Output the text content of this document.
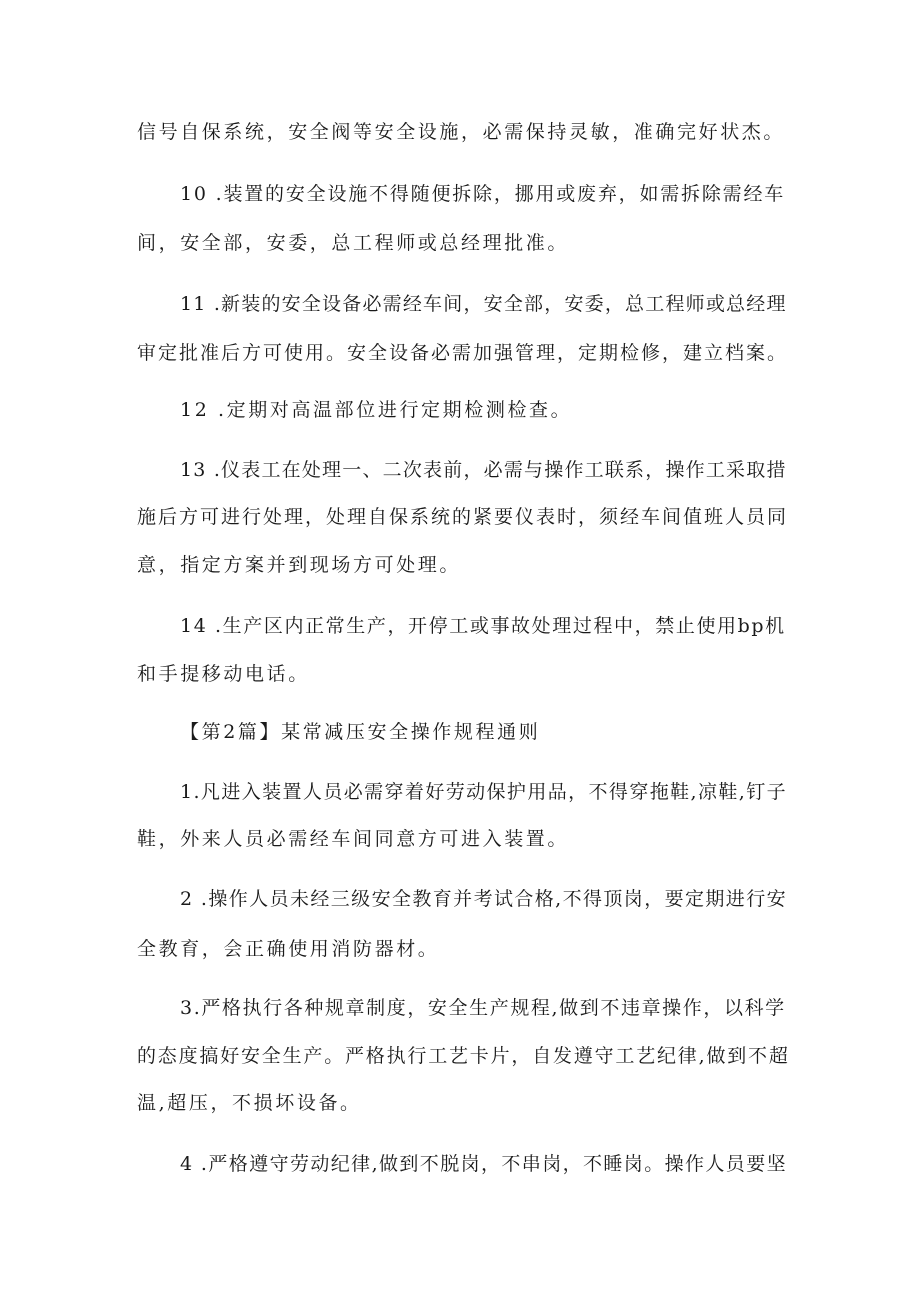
信号自保系统，安全阀等安全设施，必需保持灵敏，准确完好状杰。
10 .装置的安全设施不得随便拆除，挪用或废弃，如需拆除需经车
间，安全部，安委，总工程师或总经理批准。
11 .新装的安全设备必需经车间，安全部，安委，总工程师或总经理
审定批准后方可使用。安全设备必需加强管理，定期检修，建立档案。
12 .定期对高温部位进行定期检测检查。
13 .仪表工在处理一、二次表前，必需与操作工联系，操作工采取措
施后方可进行处理，处理自保系统的紧要仪表时，须经车间值班人员同
意，指定方案并到现场方可处理。
14 .生产区内正常生产，开停工或事故处理过程中，禁止使用bp机
和手提移动电话。
【第2篇】某常减压安全操作规程通则
1.凡进入装置人员必需穿着好劳动保护用品，不得穿拖鞋,凉鞋,钉子
鞋，外来人员必需经车间同意方可进入装置。
2 .操作人员未经三级安全教育并考试合格,不得顶岗，要定期进行安
全教育，会正确使用消防器材。
3.严格执行各种规章制度，安全生产规程,做到不违章操作，以科学
的态度搞好安全生产。严格执行工艺卡片，自发遵守工艺纪律,做到不超
温,超压，不损坏设备。
4 .严格遵守劳动纪律,做到不脱岗，不串岗，不睡岗。操作人员要坚
